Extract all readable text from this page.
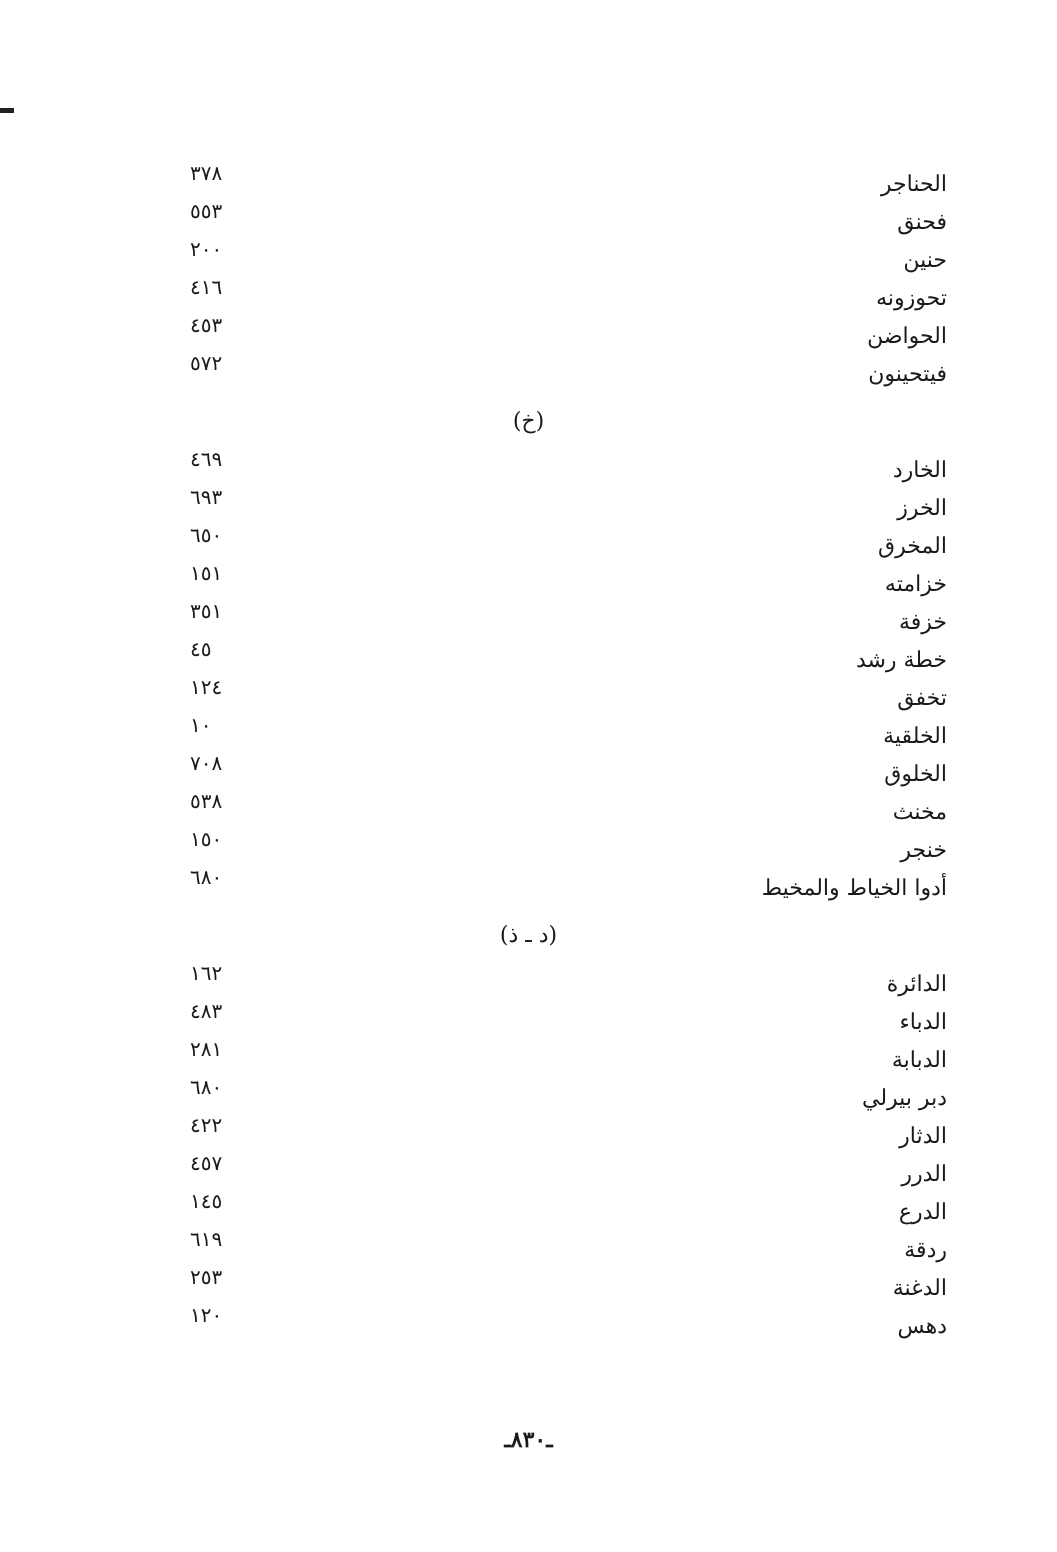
الحناجر
٣٧٨
فحنق
٥٥٣
حنين
٢٠٠
تحوزونه
٤١٦
الحواضن
٤٥٣
فيتحينون
٥٧٢
(خ)
الخارد
٤٦٩
الخرز
٦٩٣
المخرق
٦٥٠
خزامته
١٥١
خزفة
٣٥١
خطة رشد
٤٥
تخفق
١٢٤
الخلقية
١٠
الخلوق
٧٠٨
مخنث
٥٣٨
خنجر
١٥٠
أدوا الخياط والمخيط
٦٨٠
(د ـ ذ)
الدائرة
١٦٢
الدباء
٤٨٣
الدبابة
٢٨١
دبر بيرلي
٦٨٠
الدثار
٤٢٢
الدرر
٤٥٧
الدرع
١٤٥
ردقة
٦١٩
الدغنة
٢٥٣
دهس
١٢٠
ـ٨٣٠ـ
